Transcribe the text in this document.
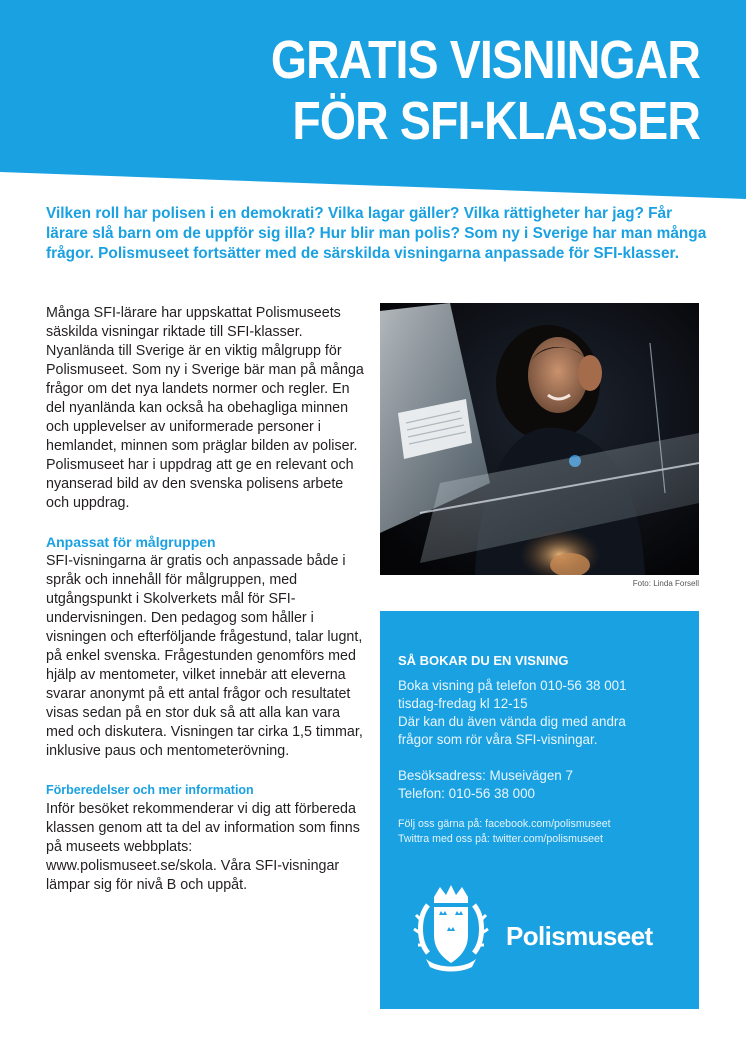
GRATIS VISNINGAR
FÖR SFI-KLASSER
Vilken roll har polisen i en demokrati? Vilka lagar gäller? Vilka rättigheter har jag? Får lärare slå barn om de uppför sig illa? Hur blir man polis? Som ny i Sverige har man många frågor. Polismuseet fortsätter med de särskilda visningarna anpassade för SFI-klasser.

Många SFI-lärare har uppskattat Polismuseets säskilda visningar riktade till SFI-klasser. Nyanlända till Sverige är en viktig målgrupp för Polismuseet. Som ny i Sverige bär man på många frågor om det nya landets normer och regler. En del nyanlända kan också ha obehagliga minnen och upplevelser av uniformerade personer i hemlandet, minnen som präglar bilden av poliser. Polismuseet har i uppdrag att ge en relevant och nyanserad bild av den svenska polisens arbete och uppdrag.

Anpassat för målgruppen

SFI-visningarna är gratis och anpassade både i språk och innehåll för målgruppen, med utgångspunkt i Skolverkets mål för SFI-undervisningen. Den pedagog som håller i visningen och efterföljande frågestund, talar lugnt, på enkel svenska. Frågestunden genomförs med hjälp av mentometer, vilket innebär att eleverna svarar anonymt på ett antal frågor och resultatet visas sedan på en stor duk så att alla kan vara med och diskutera. Visningen tar cirka 1,5 timmar, inklusive paus och mentometerövning.

Förberedelser och mer information

Inför besöket rekommenderar vi dig att förbereda klassen genom att ta del av information som finns på museets webbplats: www.polismuseet.se/skola. Våra SFI-visningar lämpar sig för nivå B och uppåt.

Foto: Linda Forsell
SÅ BOKAR DU EN VISNING
Boka visning på telefon 010-56 38 001
tisdag-fredag kl 12-15
Där kan du även vända dig med andra
frågor som rör våra SFI-visningar.
Besöksadress: Museivägen 7
Telefon: 010-56 38 000
Följ oss gärna på: facebook.com/polismuseet
Twittra med oss på: twitter.com/polismuseet
Polismuseet
